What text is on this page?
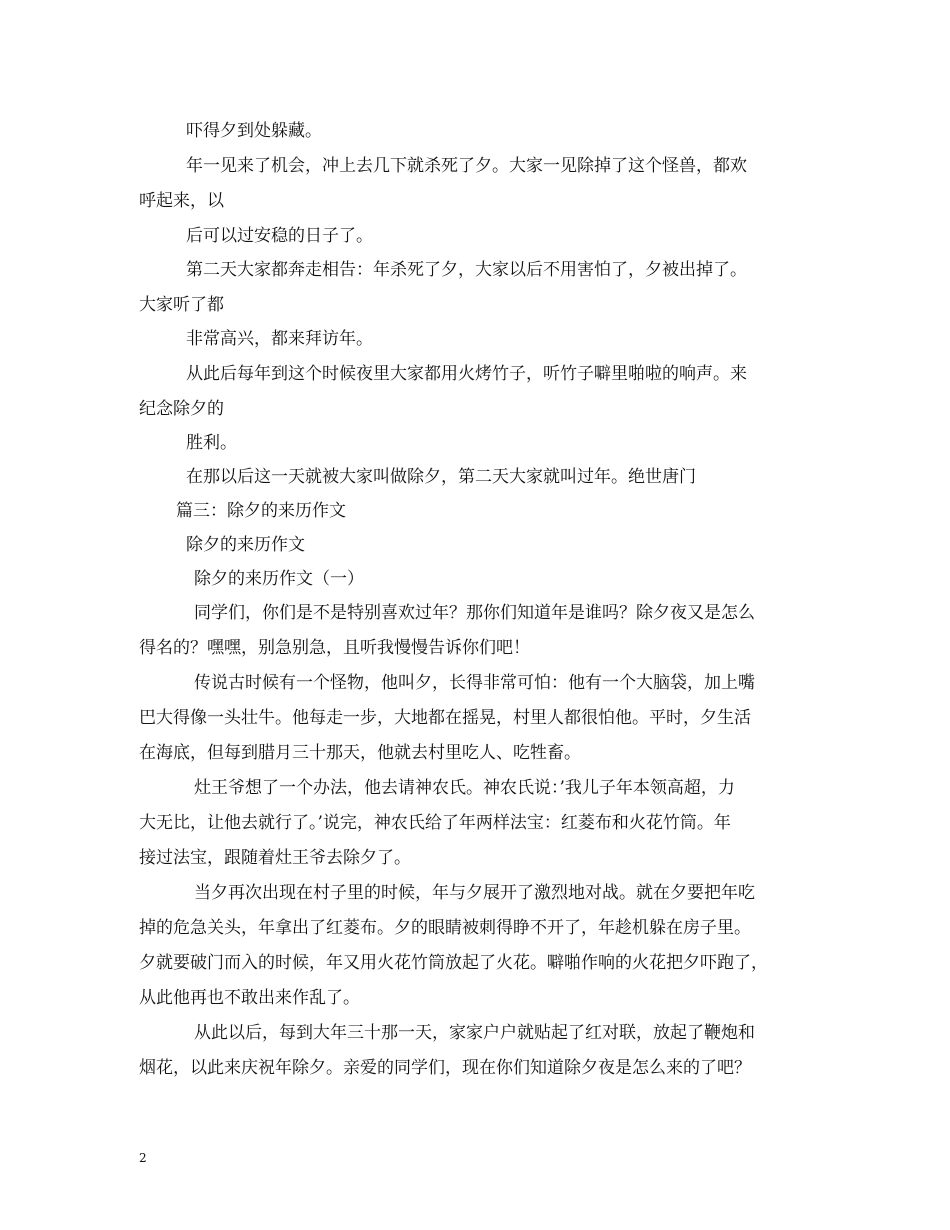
吓得夕到处躲藏。

年一见来了机会，冲上去几下就杀死了夕。大家一见除掉了这个怪兽，都欢

呼起来，以

后可以过安稳的日子了。

第二天大家都奔走相告：年杀死了夕，大家以后不用害怕了，夕被出掉了。

大家听了都

非常高兴，都来拜访年。

从此后每年到这个时候夜里大家都用火烤竹子，听竹子噼里啪啦的响声。来

纪念除夕的

胜利。

在那以后这一天就被大家叫做除夕，第二天大家就叫过年。绝世唐门

篇三：除夕的来历作文

除夕的来历作文

除夕的来历作文（一）

同学们，你们是不是特别喜欢过年？那你们知道年是谁吗？除夕夜又是怎么

得名的？嘿嘿，别急别急，且听我慢慢告诉你们吧！

传说古时候有一个怪物，他叫夕，长得非常可怕：他有一个大脑袋，加上嘴

巴大得像一头壮牛。他每走一步，大地都在摇晃，村里人都很怕他。平时，夕生活

在海底，但每到腊月三十那天，他就去村里吃人、吃牲畜。

灶王爷想了一个办法，他去请神农氏。神农氏说：’我儿子年本领高超，力

大无比，让他去就行了。’说完，神农氏给了年两样法宝：红菱布和火花竹筒。年

接过法宝，跟随着灶王爷去除夕了。

当夕再次出现在村子里的时候，年与夕展开了激烈地对战。就在夕要把年吃

掉的危急关头，年拿出了红菱布。夕的眼睛被刺得睁不开了，年趁机躲在房子里。

夕就要破门而入的时候，年又用火花竹筒放起了火花。噼啪作响的火花把夕吓跑了，

从此他再也不敢出来作乱了。

从此以后，每到大年三十那一天，家家户户就贴起了红对联，放起了鞭炮和

烟花，以此来庆祝年除夕。亲爱的同学们，现在你们知道除夕夜是怎么来的了吧？

2
